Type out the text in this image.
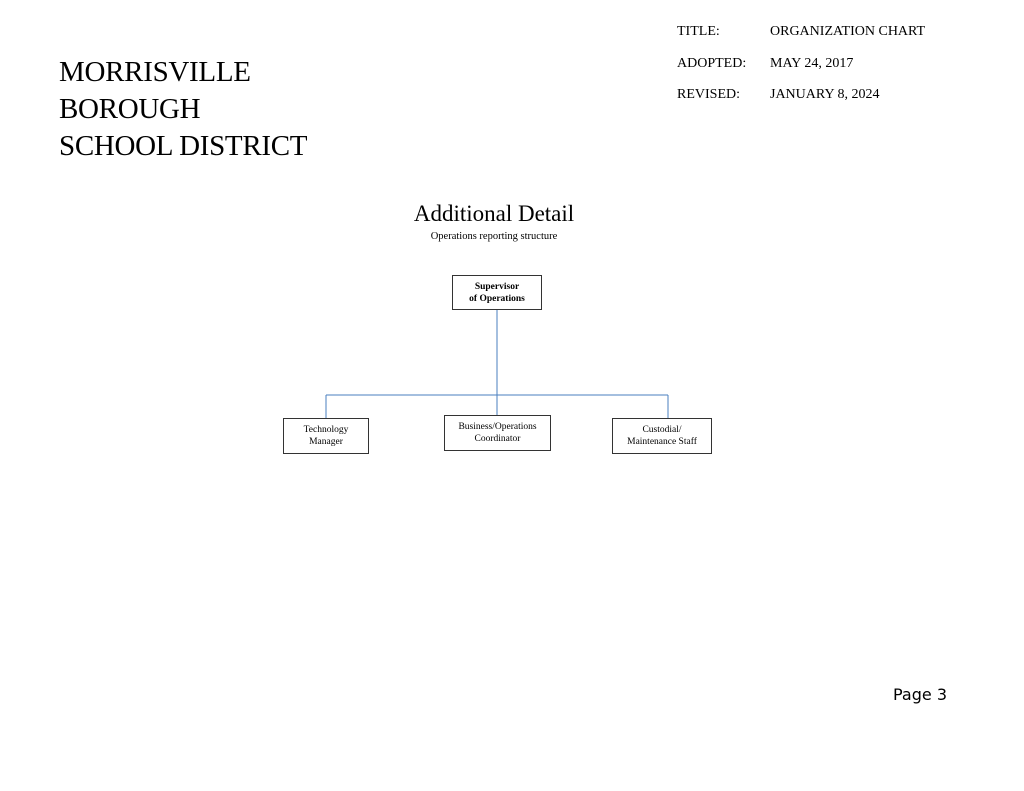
MORRISVILLE
BOROUGH
SCHOOL DISTRICT
TITLE:	ORGANIZATION CHART
ADOPTED: MAY 24, 2017
REVISED: JANUARY 8, 2024
Additional Detail
Operations reporting structure
Supervisor
of Operations
Technology
Manager
Business/Operations
Coordinator
Custodial/
Maintenance Staff
Page 3
